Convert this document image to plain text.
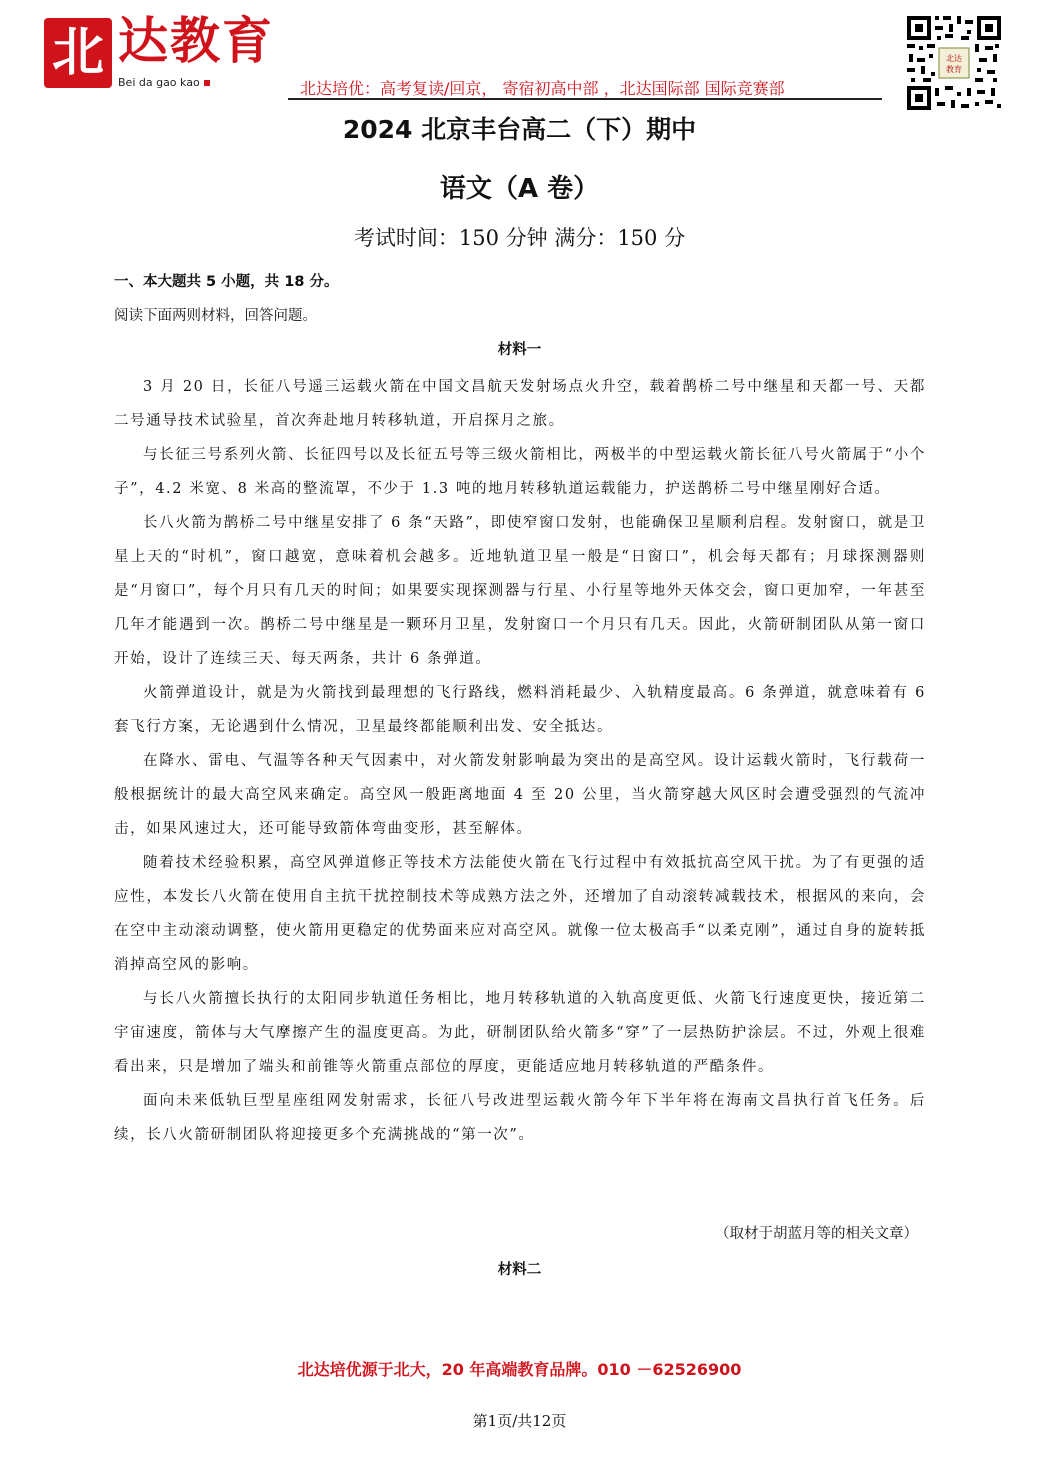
北 达教育
Bei da gao kao	北达培优：高考复读/回京， 寄宿初高中部 ，北达国际部 国际竞赛部
北达
教育
2024 北京丰台高二（下）期中
语文（A 卷）
考试时间：150 分钟 满分：150 分
一、本大题共 5 小题，共 18 分。
阅读下面两则材料，回答问题。
材料一

3 月 20 日，长征八号遥三运载火箭在中国文昌航天发射场点火升空，载着鹊桥二号中继星和天都一号、天都二号通导技术试验星，首次奔赴地月转移轨道，开启探月之旅。

与长征三号系列火箭、长征四号以及长征五号等三级火箭相比，两极半的中型运载火箭长征八号火箭属于“小个子”，4.2 米宽、8 米高的整流罩，不少于 1.3 吨的地月转移轨道运载能力，护送鹊桥二号中继星刚好合适。

长八火箭为鹊桥二号中继星安排了 6 条“天路”，即使窄窗口发射，也能确保卫星顺利启程。发射窗口，就是卫星上天的“时机”，窗口越宽，意味着机会越多。近地轨道卫星一般是“日窗口”，机会每天都有；月球探测器则是“月窗口”，每个月只有几天的时间；如果要实现探测器与行星、小行星等地外天体交会，窗口更加窄，一年甚至几年才能遇到一次。鹊桥二号中继星是一颗环月卫星，发射窗口一个月只有几天。因此，火箭研制团队从第一窗口开始，设计了连续三天、每天两条，共计 6 条弹道。

火箭弹道设计，就是为火箭找到最理想的飞行路线，燃料消耗最少、入轨精度最高。6 条弹道，就意味着有 6 套飞行方案，无论遇到什么情况，卫星最终都能顺利出发、安全抵达。

在降水、雷电、气温等各种天气因素中，对火箭发射影响最为突出的是高空风。设计运载火箭时，飞行载荷一般根据统计的最大高空风来确定。高空风一般距离地面 4 至 20 公里，当火箭穿越大风区时会遭受强烈的气流冲击，如果风速过大，还可能导致箭体弯曲变形，甚至解体。

随着技术经验积累，高空风弹道修正等技术方法能使火箭在飞行过程中有效抵抗高空风干扰。为了有更强的适应性，本发长八火箭在使用自主抗干扰控制技术等成熟方法之外，还增加了自动滚转减载技术，根据风的来向，会在空中主动滚动调整，使火箭用更稳定的优势面来应对高空风。就像一位太极高手“以柔克刚”，通过自身的旋转抵消掉高空风的影响。

与长八火箭擅长执行的太阳同步轨道任务相比，地月转移轨道的入轨高度更低、火箭飞行速度更快，接近第二宇宙速度，箭体与大气摩擦产生的温度更高。为此，研制团队给火箭多“穿”了一层热防护涂层。不过，外观上很难看出来，只是增加了端头和前锥等火箭重点部位的厚度，更能适应地月转移轨道的严酷条件。

面向未来低轨巨型星座组网发射需求，长征八号改进型运载火箭今年下半年将在海南文昌执行首飞任务。后续，长八火箭研制团队将迎接更多个充满挑战的“第一次”。

（取材于胡蓝月等的相关文章）
材料二
北达培优源于北大，20 年高端教育品牌。010 －62526900
第1页/共12页
